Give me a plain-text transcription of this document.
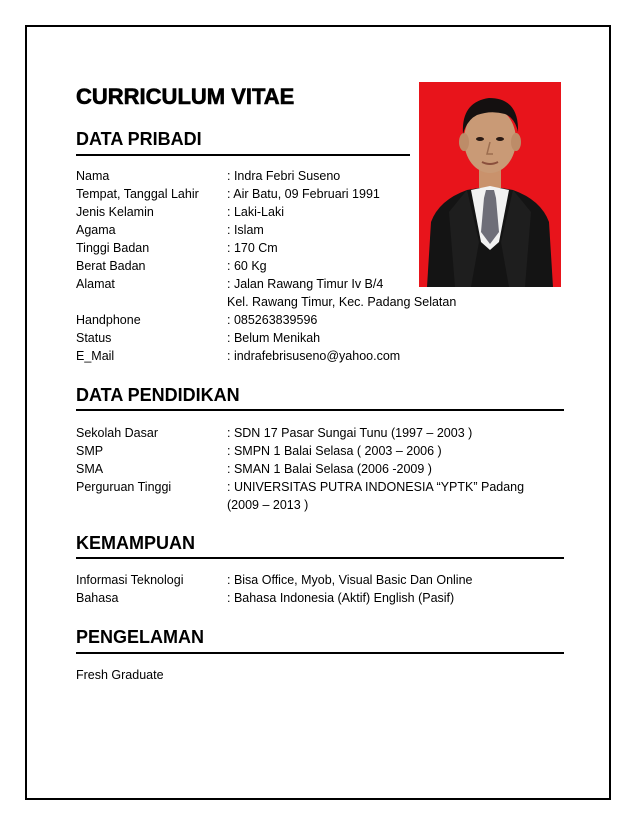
CURRICULUM VITAE
DATA PRIBADI
Nama	: Indra Febri Suseno
Tempat, Tanggal Lahir : Air Batu, 09 Februari 1991
Jenis Kelamin	: Laki-Laki
Agama	: Islam
Tinggi Badan	: 170 Cm
Berat Badan	: 60 Kg
Alamat	: Jalan Rawang Timur Iv B/4
Kel. Rawang Timur, Kec. Padang Selatan
Handphone	: 085263839596
Status	: Belum Menikah
E_Mail	: indrafebrisuseno@yahoo.com
DATA PENDIDIKAN
Sekolah Dasar	: SDN 17 Pasar Sungai Tunu (1997 – 2003 )
SMP	: SMPN 1 Balai Selasa ( 2003 – 2006 )
SMA	: SMAN 1 Balai Selasa (2006 -2009 )
Perguruan Tinggi	: UNIVERSITAS PUTRA INDONESIA “YPTK” Padang
(2009 – 2013 )
KEMAMPUAN
Informasi Teknologi	: Bisa Office, Myob, Visual Basic Dan Online
Bahasa	: Bahasa Indonesia (Aktif) English (Pasif)
PENGELAMAN
Fresh Graduate
